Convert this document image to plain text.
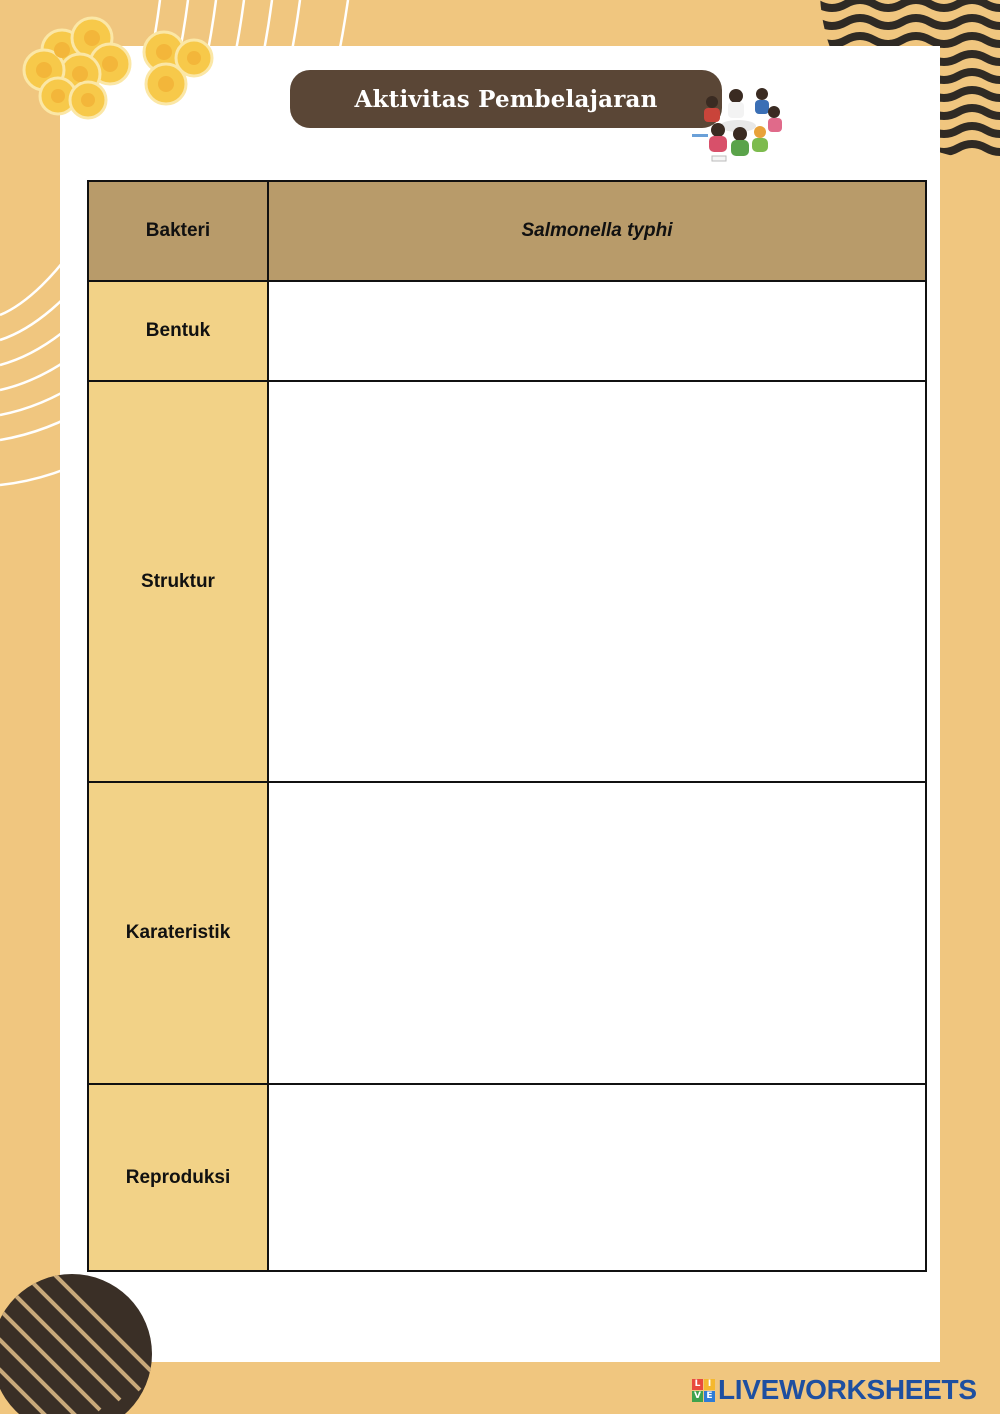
Aktivitas Pembelajaran
Bakteri	Salmonella typhi
Bentuk	
Struktur	
Karateristik	
Reproduksi	
L I
V E LIVEWORKSHEETS
